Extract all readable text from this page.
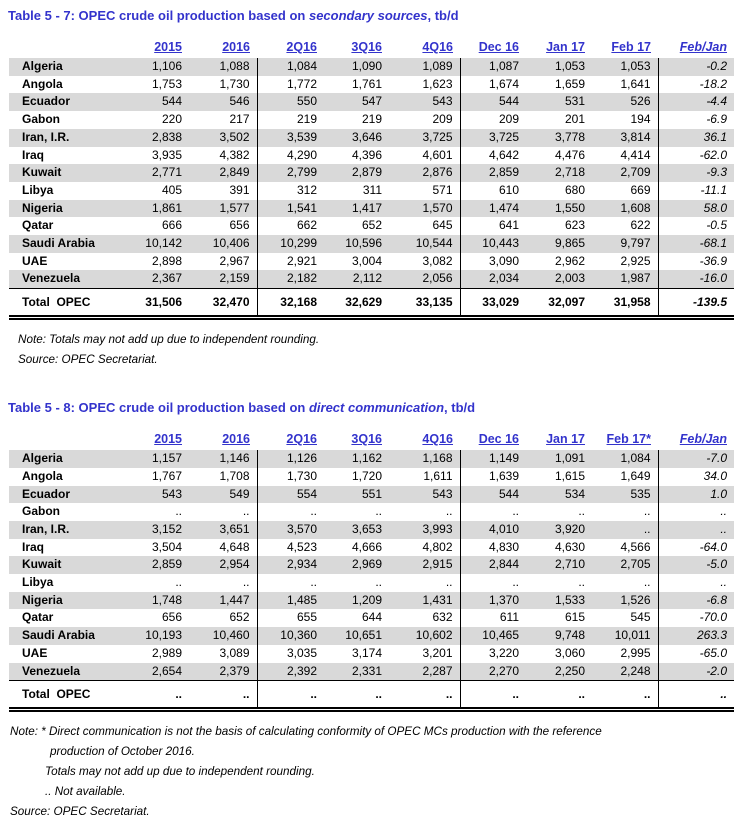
Table 5 - 7: OPEC crude oil production based on secondary sources, tb/d
	2015	2016	2Q16	3Q16	4Q16	Dec 16	Jan 17	Feb 17	Feb/Jan
Algeria	1,106	1,088	1,084	1,090	1,089	1,087	1,053	1,053	-0.2
Angola	1,753	1,730	1,772	1,761	1,623	1,674	1,659	1,641	-18.2
Ecuador	544	546	550	547	543	544	531	526	-4.4
Gabon	220	217	219	219	209	209	201	194	-6.9
Iran, I.R.	2,838	3,502	3,539	3,646	3,725	3,725	3,778	3,814	36.1
Iraq	3,935	4,382	4,290	4,396	4,601	4,642	4,476	4,414	-62.0
Kuwait	2,771	2,849	2,799	2,879	2,876	2,859	2,718	2,709	-9.3
Libya	405	391	312	311	571	610	680	669	-11.1
Nigeria	1,861	1,577	1,541	1,417	1,570	1,474	1,550	1,608	58.0
Qatar	666	656	662	652	645	641	623	622	-0.5
Saudi Arabia	10,142	10,406	10,299	10,596	10,544	10,443	9,865	9,797	-68.1
UAE	2,898	2,967	2,921	3,004	3,082	3,090	2,962	2,925	-36.9
Venezuela	2,367	2,159	2,182	2,112	2,056	2,034	2,003	1,987	-16.0
Total  OPEC	31,506	32,470	32,168	32,629	33,135	33,029	32,097	31,958	-139.5

Note: Totals may not add up due to independent rounding.

Source: OPEC Secretariat.

Table 5 - 8: OPEC crude oil production based on direct communication, tb/d
	2015	2016	2Q16	3Q16	4Q16	Dec 16	Jan 17	Feb 17*	Feb/Jan
Algeria	1,157	1,146	1,126	1,162	1,168	1,149	1,091	1,084	-7.0
Angola	1,767	1,708	1,730	1,720	1,611	1,639	1,615	1,649	34.0
Ecuador	543	549	554	551	543	544	534	535	1.0
Gabon	..	..	..	..	..	..	..	..	..
Iran, I.R.	3,152	3,651	3,570	3,653	3,993	4,010	3,920	..	..
Iraq	3,504	4,648	4,523	4,666	4,802	4,830	4,630	4,566	-64.0
Kuwait	2,859	2,954	2,934	2,969	2,915	2,844	2,710	2,705	-5.0
Libya	..	..	..	..	..	..	..	..	..
Nigeria	1,748	1,447	1,485	1,209	1,431	1,370	1,533	1,526	-6.8
Qatar	656	652	655	644	632	611	615	545	-70.0
Saudi Arabia	10,193	10,460	10,360	10,651	10,602	10,465	9,748	10,011	263.3
UAE	2,989	3,089	3,035	3,174	3,201	3,220	3,060	2,995	-65.0
Venezuela	2,654	2,379	2,392	2,331	2,287	2,270	2,250	2,248	-2.0
Total  OPEC	..	..	..	..	..	..	..	..	..

Note: * Direct communication is not the basis of calculating conformity of OPEC MCs production with the reference

production of October 2016.

Totals may not add up due to independent rounding.

.. Not available.

Source: OPEC Secretariat.
